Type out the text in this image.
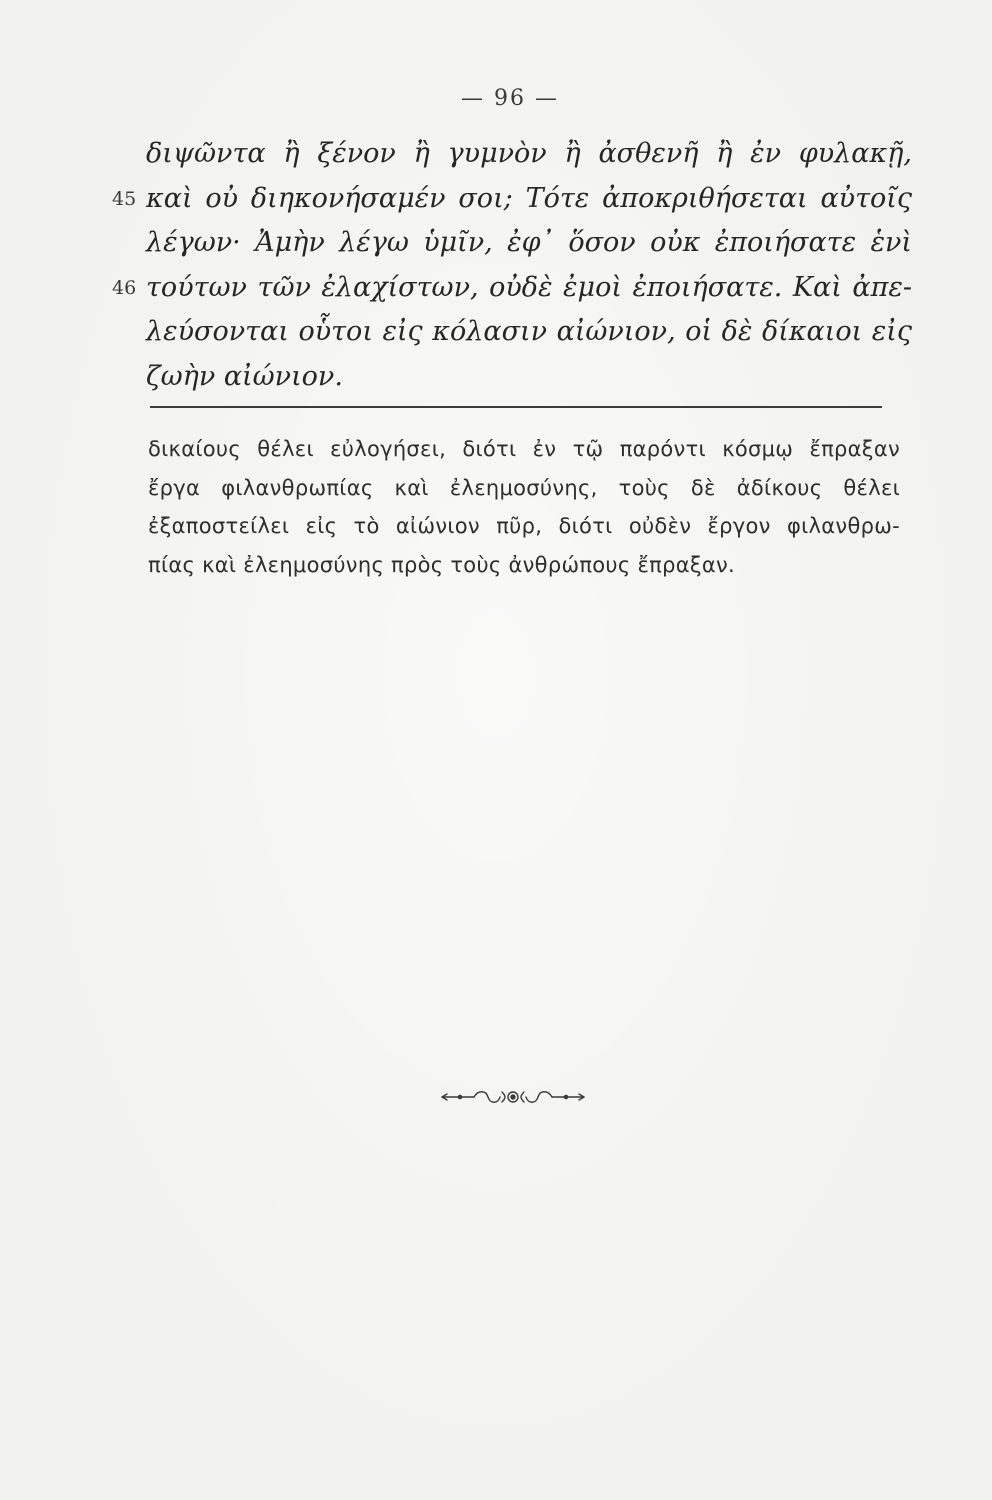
— 96 —
διψῶντα ἢ ξένον ἢ γυμνὸν ἢ ἀσθενῆ ἢ ἐν φυλακῇ,
45 καὶ οὐ διηκονήσαμέν σοι; Τότε ἀποκριθήσεται αὐτοῖς
λέγων· Ἀμὴν λέγω ὑμῖν, ἐφ᾽ ὅσον οὐκ ἐποιήσατε ἑνὶ
46 τούτων τῶν ἐλαχίστων, οὐδὲ ἐμοὶ ἐποιήσατε. Καὶ ἀπε-
λεύσονται οὗτοι εἰς κόλασιν αἰώνιον, οἱ δὲ δίκαιοι εἰς
ζωὴν αἰώνιον.
δικαίους θέλει εὐλογήσει, διότι ἐν τῷ παρόντι κόσμῳ ἔπραξαν
ἔργα φιλανθρωπίας καὶ ἐλεημοσύνης, τοὺς δὲ ἀδίκους θέλει
ἐξαποστείλει εἰς τὸ αἰώνιον πῦρ, διότι οὐδὲν ἔργον φιλανθρω-
πίας καὶ ἐλεημοσύνης πρὸς τοὺς ἀνθρώπους ἔπραξαν.
